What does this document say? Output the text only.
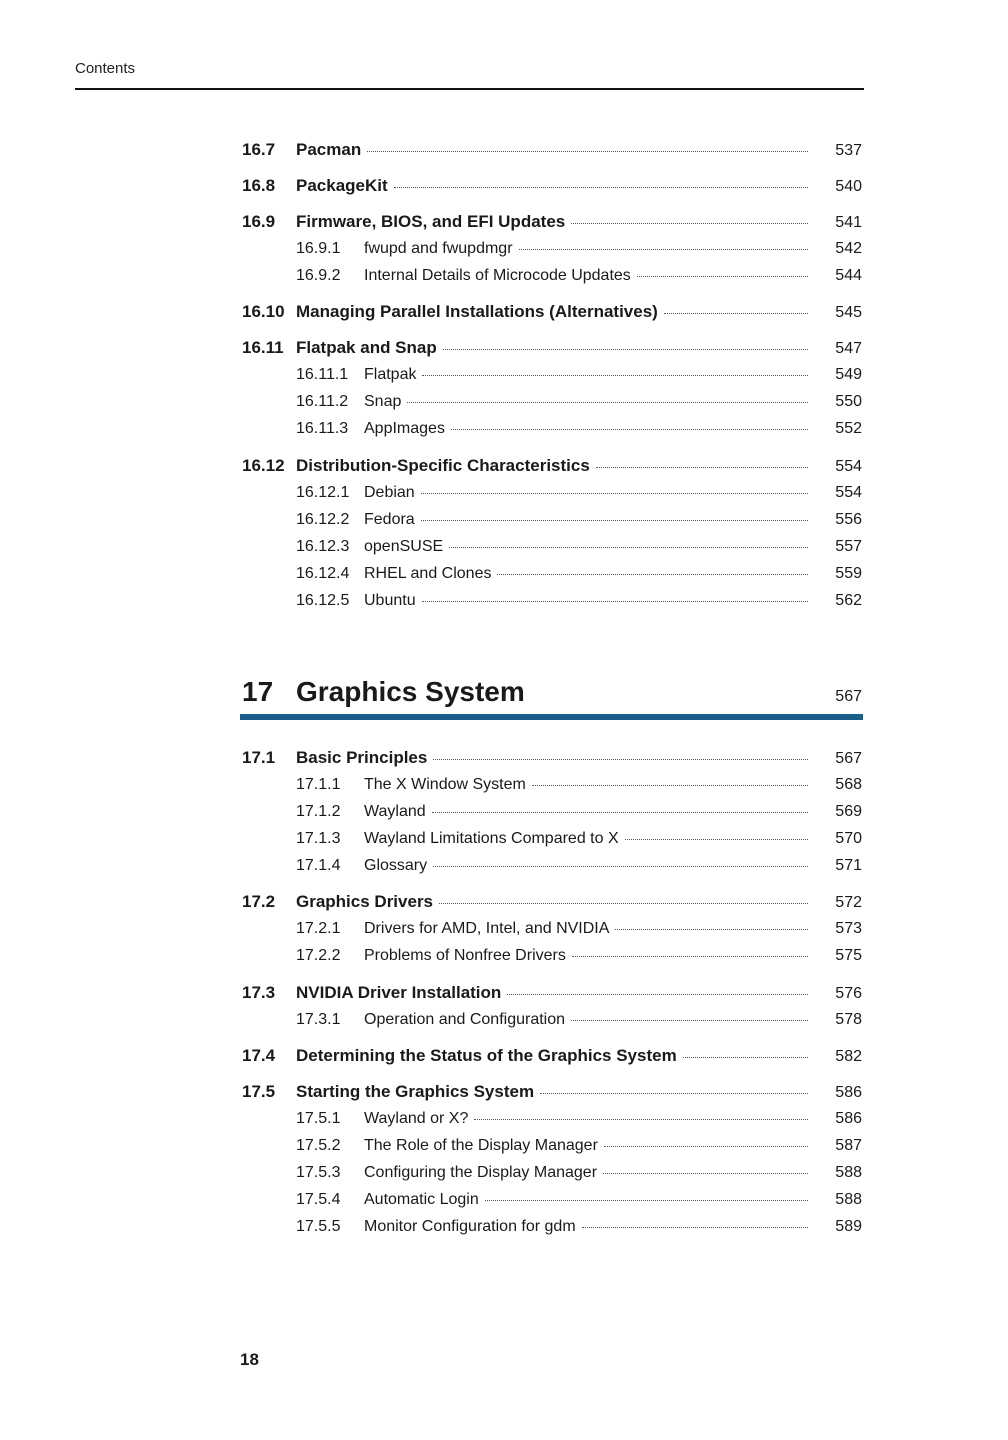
Contents
16.7	Pacman	537
16.8	PackageKit	540
16.9	Firmware, BIOS, and EFI Updates	541
16.9.1	fwupd and fwupdmgr	542
16.9.2	Internal Details of Microcode Updates	544
16.10 Managing Parallel Installations (Alternatives)	545
16.11 Flatpak and Snap	547
16.11.1 Flatpak	549
16.11.2 Snap	550
16.11.3 AppImages	552
16.12 Distribution-Specific Characteristics	554
16.12.1 Debian	554
16.12.2 Fedora	556
16.12.3 openSUSE	557
16.12.4 RHEL and Clones	559
16.12.5 Ubuntu	562
17 Graphics System	567
17.1	Basic Principles	567
17.1.1	The X Window System	568
17.1.2	Wayland	569
17.1.3	Wayland Limitations Compared to X	570
17.1.4	Glossary	571
17.2	Graphics Drivers	572
17.2.1	Drivers for AMD, Intel, and NVIDIA	573
17.2.2	Problems of Nonfree Drivers	575
17.3	NVIDIA Driver Installation	576
17.3.1	Operation and Configuration	578
17.4	Determining the Status of the Graphics System	582
17.5	Starting the Graphics System	586
17.5.1	Wayland or X?	586
17.5.2	The Role of the Display Manager	587
17.5.3	Configuring the Display Manager	588
17.5.4	Automatic Login	588
17.5.5	Monitor Configuration for gdm	589
18
